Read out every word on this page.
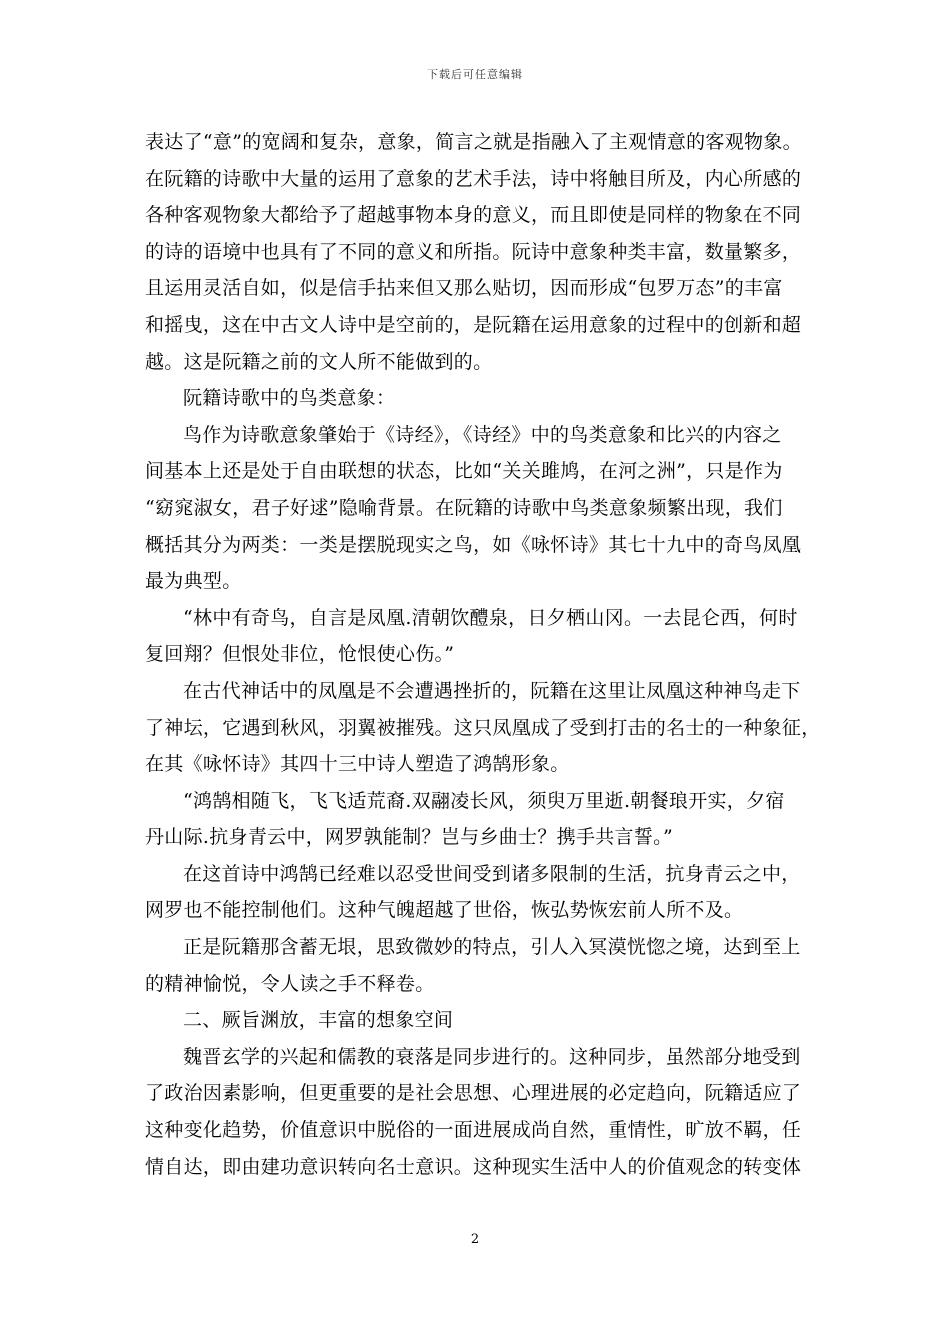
下载后可任意编辑
表达了“意”的宽阔和复杂，意象，简言之就是指融入了主观情意的客观物象。
在阮籍的诗歌中大量的运用了意象的艺术手法，诗中将触目所及，内心所感的
各种客观物象大都给予了超越事物本身的意义，而且即使是同样的物象在不同
的诗的语境中也具有了不同的意义和所指。阮诗中意象种类丰富，数量繁多，
且运用灵活自如，似是信手拈来但又那么贴切，因而形成“包罗万态”的丰富
和摇曳，这在中古文人诗中是空前的，是阮籍在运用意象的过程中的创新和超
越。这是阮籍之前的文人所不能做到的。
阮籍诗歌中的鸟类意象：
鸟作为诗歌意象肇始于《诗经》，《诗经》中的鸟类意象和比兴的内容之
间基本上还是处于自由联想的状态，比如“关关雎鸠，在河之洲”，只是作为
“窈窕淑女，君子好逑”隐喻背景。在阮籍的诗歌中鸟类意象频繁出现，我们
概括其分为两类：一类是摆脱现实之鸟，如《咏怀诗》其七十九中的奇鸟凤凰
最为典型。
“林中有奇鸟，自言是凤凰.清朝饮醴泉，日夕栖山冈。一去昆仑西，何时
复回翔？但恨处非位，怆恨使心伤。”
在古代神话中的凤凰是不会遭遇挫折的，阮籍在这里让凤凰这种神鸟走下
了神坛，它遇到秋风，羽翼被摧残。这只凤凰成了受到打击的名士的一种象征，
在其《咏怀诗》其四十三中诗人塑造了鸿鹄形象。
“鸿鹄相随飞，飞飞适荒裔.双翮凌长风，须臾万里逝.朝餐琅开实，夕宿
丹山际.抗身青云中，网罗孰能制？岂与乡曲士？携手共言誓。”
在这首诗中鸿鹄已经难以忍受世间受到诸多限制的生活，抗身青云之中，
网罗也不能控制他们。这种气魄超越了世俗，恢弘势恢宏前人所不及。
正是阮籍那含蓄无垠，思致微妙的特点，引人入冥漠恍惚之境，达到至上
的精神愉悦，令人读之手不释卷。
二、厥旨渊放，丰富的想象空间
魏晋玄学的兴起和儒教的衰落是同步进行的。这种同步，虽然部分地受到
了政治因素影响，但更重要的是社会思想、心理进展的必定趋向，阮籍适应了
这种变化趋势，价值意识中脱俗的一面进展成尚自然，重情性，旷放不羁，任
情自达，即由建功意识转向名士意识。这种现实生活中人的价值观念的转变体
2
